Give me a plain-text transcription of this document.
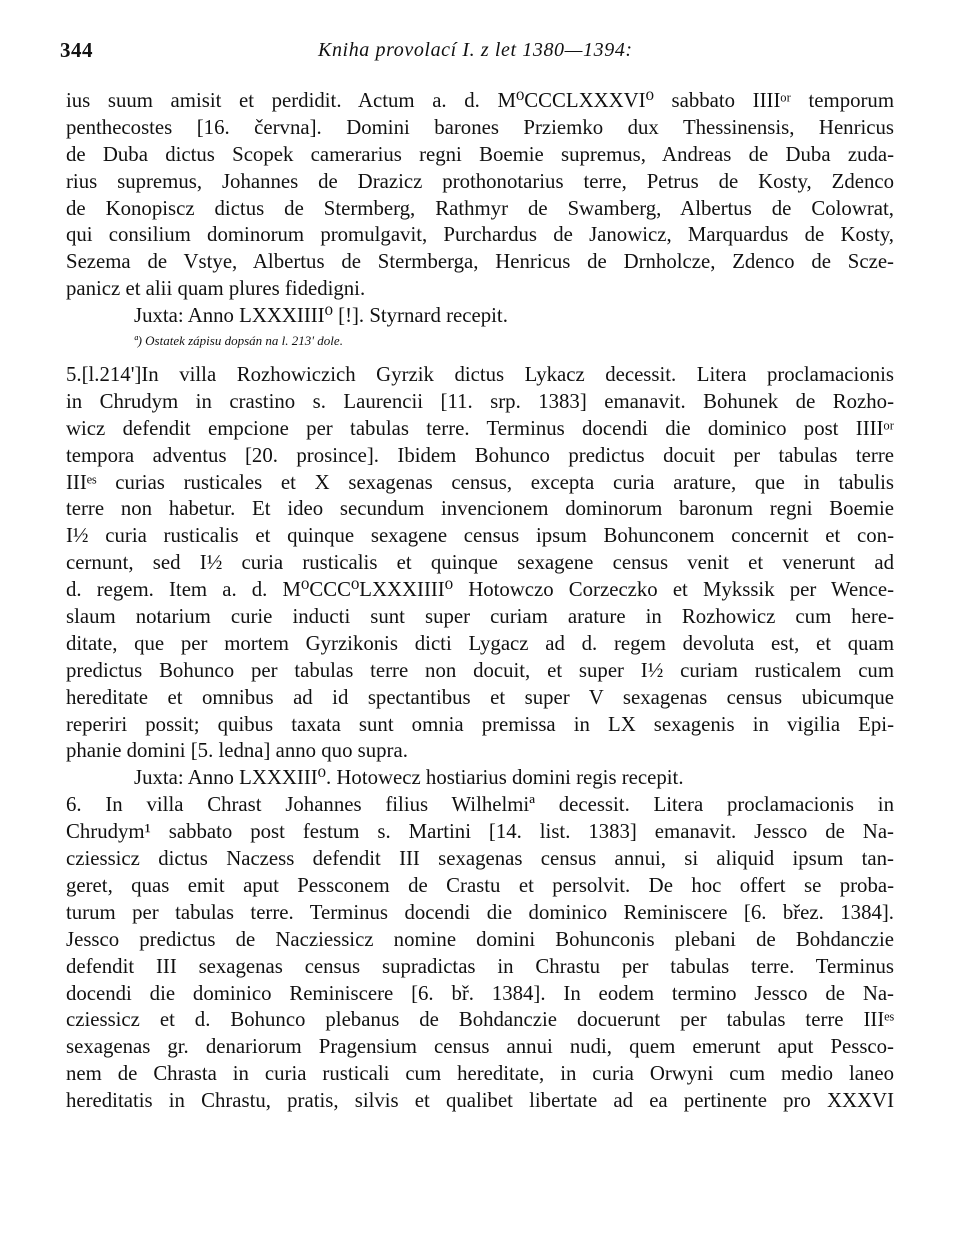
344	Kniha provolací I. z let 1380—1394:
ius suum amisit et perdidit. Actum a. d. M⁰CCCLXXXVI⁰ sabbato IIIIᵒʳ temporum
penthecostes [16. června]. Domini barones Prziemko dux Thessinensis, Henricus
de Duba dictus Scopek camerarius regni Boemie supremus, Andreas de Duba zuda-
rius supremus, Johannes de Drazicz prothonotarius terre, Petrus de Kosty, Zdenco
de Konopiscz dictus de Stermberg, Rathmyr de Swamberg, Albertus de Colowrat,
qui consilium dominorum promulgavit, Purchardus de Janowicz, Marquardus de Kosty,
Sezema de Vstye, Albertus de Stermberga, Henricus de Drnholcze, Zdenco de Scze-
panicz et alii quam plures fidedigni.
Juxta: Anno LXXXIIII⁰ [!]. Styrnard recepit.
ª) Ostatek zápisu dopsán na l. 213' dole.
5.[l.214']In villa Rozhowiczich Gyrzik dictus Lykacz decessit. Litera proclamacionis
in Chrudym in crastino s. Laurencii [11. srp. 1383] emanavit. Bohunek de Rozho-
wicz defendit empcione per tabulas terre. Terminus docendi die dominico post IIIIᵒʳ
tempora adventus [20. prosince]. Ibidem Bohunco predictus docuit per tabulas terre
IIIᵉˢ curias rusticales et X sexagenas census, excepta curia arature, que in tabulis
terre non habetur. Et ideo secundum invencionem dominorum baronum regni Boemie
I½ curia rusticalis et quinque sexagene census ipsum Bohunconem concernit et con-
cernunt, sed I½ curia rusticalis et quinque sexagene census venit et venerunt ad
d. regem. Item a. d. M⁰CCC⁰LXXXIIII⁰ Hotowczo Corzeczko et Mykssik per Wence-
slaum notarium curie inducti sunt super curiam arature in Rozhowicz cum here-
ditate, que per mortem Gyrzikonis dicti Lygacz ad d. regem devoluta est, et quam
predictus Bohunco per tabulas terre non docuit, et super I½ curiam rusticalem cum
hereditate et omnibus ad id spectantibus et super V sexagenas census ubicumque
reperiri possit; quibus taxata sunt omnia premissa in LX sexagenis in vigilia Epi-
phanie domini [5. ledna] anno quo supra.
Juxta: Anno LXXXIII⁰. Hotowecz hostiarius domini regis recepit.
6. In villa Chrast Johannes filius Wilhelmiª decessit. Litera proclamacionis in
Chrudym¹ sabbato post festum s. Martini [14. list. 1383] emanavit. Jessco de Na-
cziessicz dictus Naczess defendit III sexagenas census annui, si aliquid ipsum tan-
geret, quas emit aput Pessconem de Crastu et persolvit. De hoc offert se proba-
turum per tabulas terre. Terminus docendi die dominico Reminiscere [6. břez. 1384].
Jessco predictus de Nacziessicz nomine domini Bohunconis plebani de Bohdanczie
defendit III sexagenas census supradictas in Chrastu per tabulas terre. Terminus
docendi die dominico Reminiscere [6. bř. 1384]. In eodem termino Jessco de Na-
cziessicz et d. Bohunco plebanus de Bohdanczie docuerunt per tabulas terre IIIᵉˢ
sexagenas gr. denariorum Pragensium census annui nudi, quem emerunt aput Pessco-
nem de Chrasta in curia rusticali cum hereditate, in curia Orwyni cum medio laneo
hereditatis in Chrastu, pratis, silvis et qualibet libertate ad ea pertinente pro XXXVI
